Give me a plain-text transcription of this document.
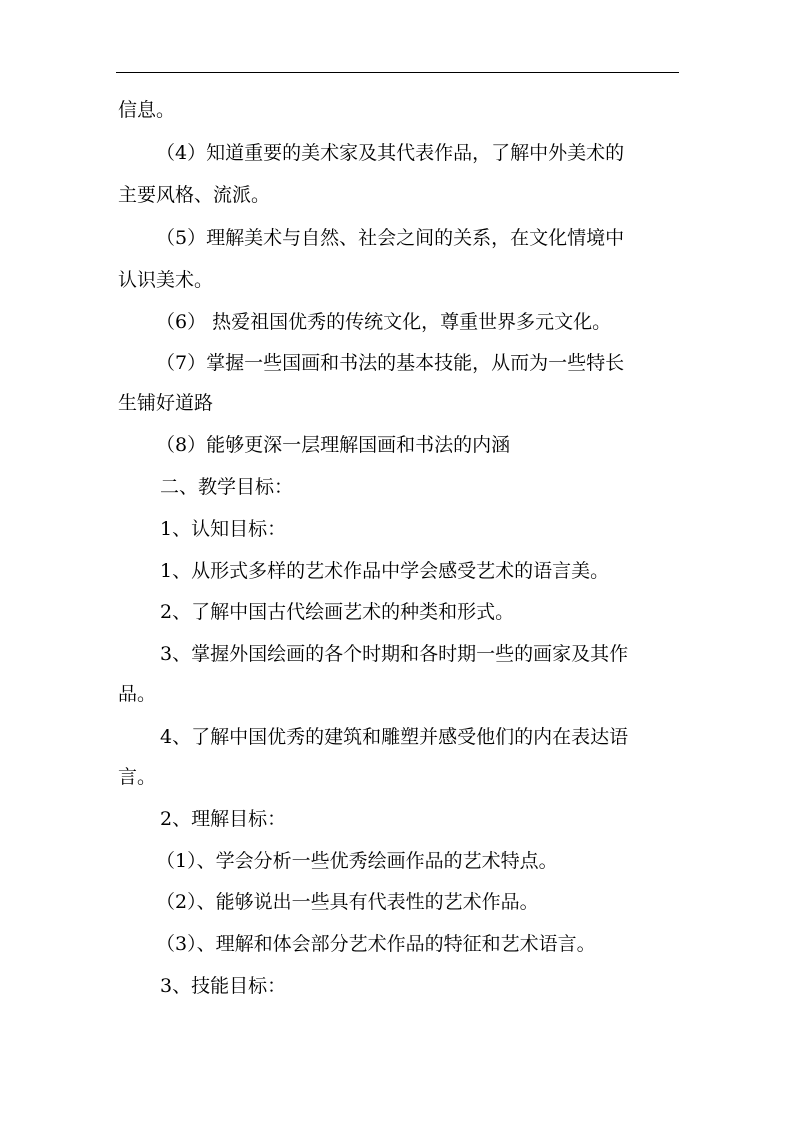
信息。
（4）知道重要的美术家及其代表作品，了解中外美术的
主要风格、流派。
（5）理解美术与自然、社会之间的关系，在文化情境中
认识美术。
（6） 热爱祖国优秀的传统文化，尊重世界多元文化。
（7）掌握一些国画和书法的基本技能，从而为一些特长
生铺好道路
（8）能够更深一层理解国画和书法的内涵
二、教学目标：
1、认知目标：
1、从形式多样的艺术作品中学会感受艺术的语言美。
2、了解中国古代绘画艺术的种类和形式。
3、掌握外国绘画的各个时期和各时期一些的画家及其作
品。
4、了解中国优秀的建筑和雕塑并感受他们的内在表达语
言。
2、理解目标：
（1）、学会分析一些优秀绘画作品的艺术特点。
（2）、能够说出一些具有代表性的艺术作品。
（3）、理解和体会部分艺术作品的特征和艺术语言。
3、技能目标：
